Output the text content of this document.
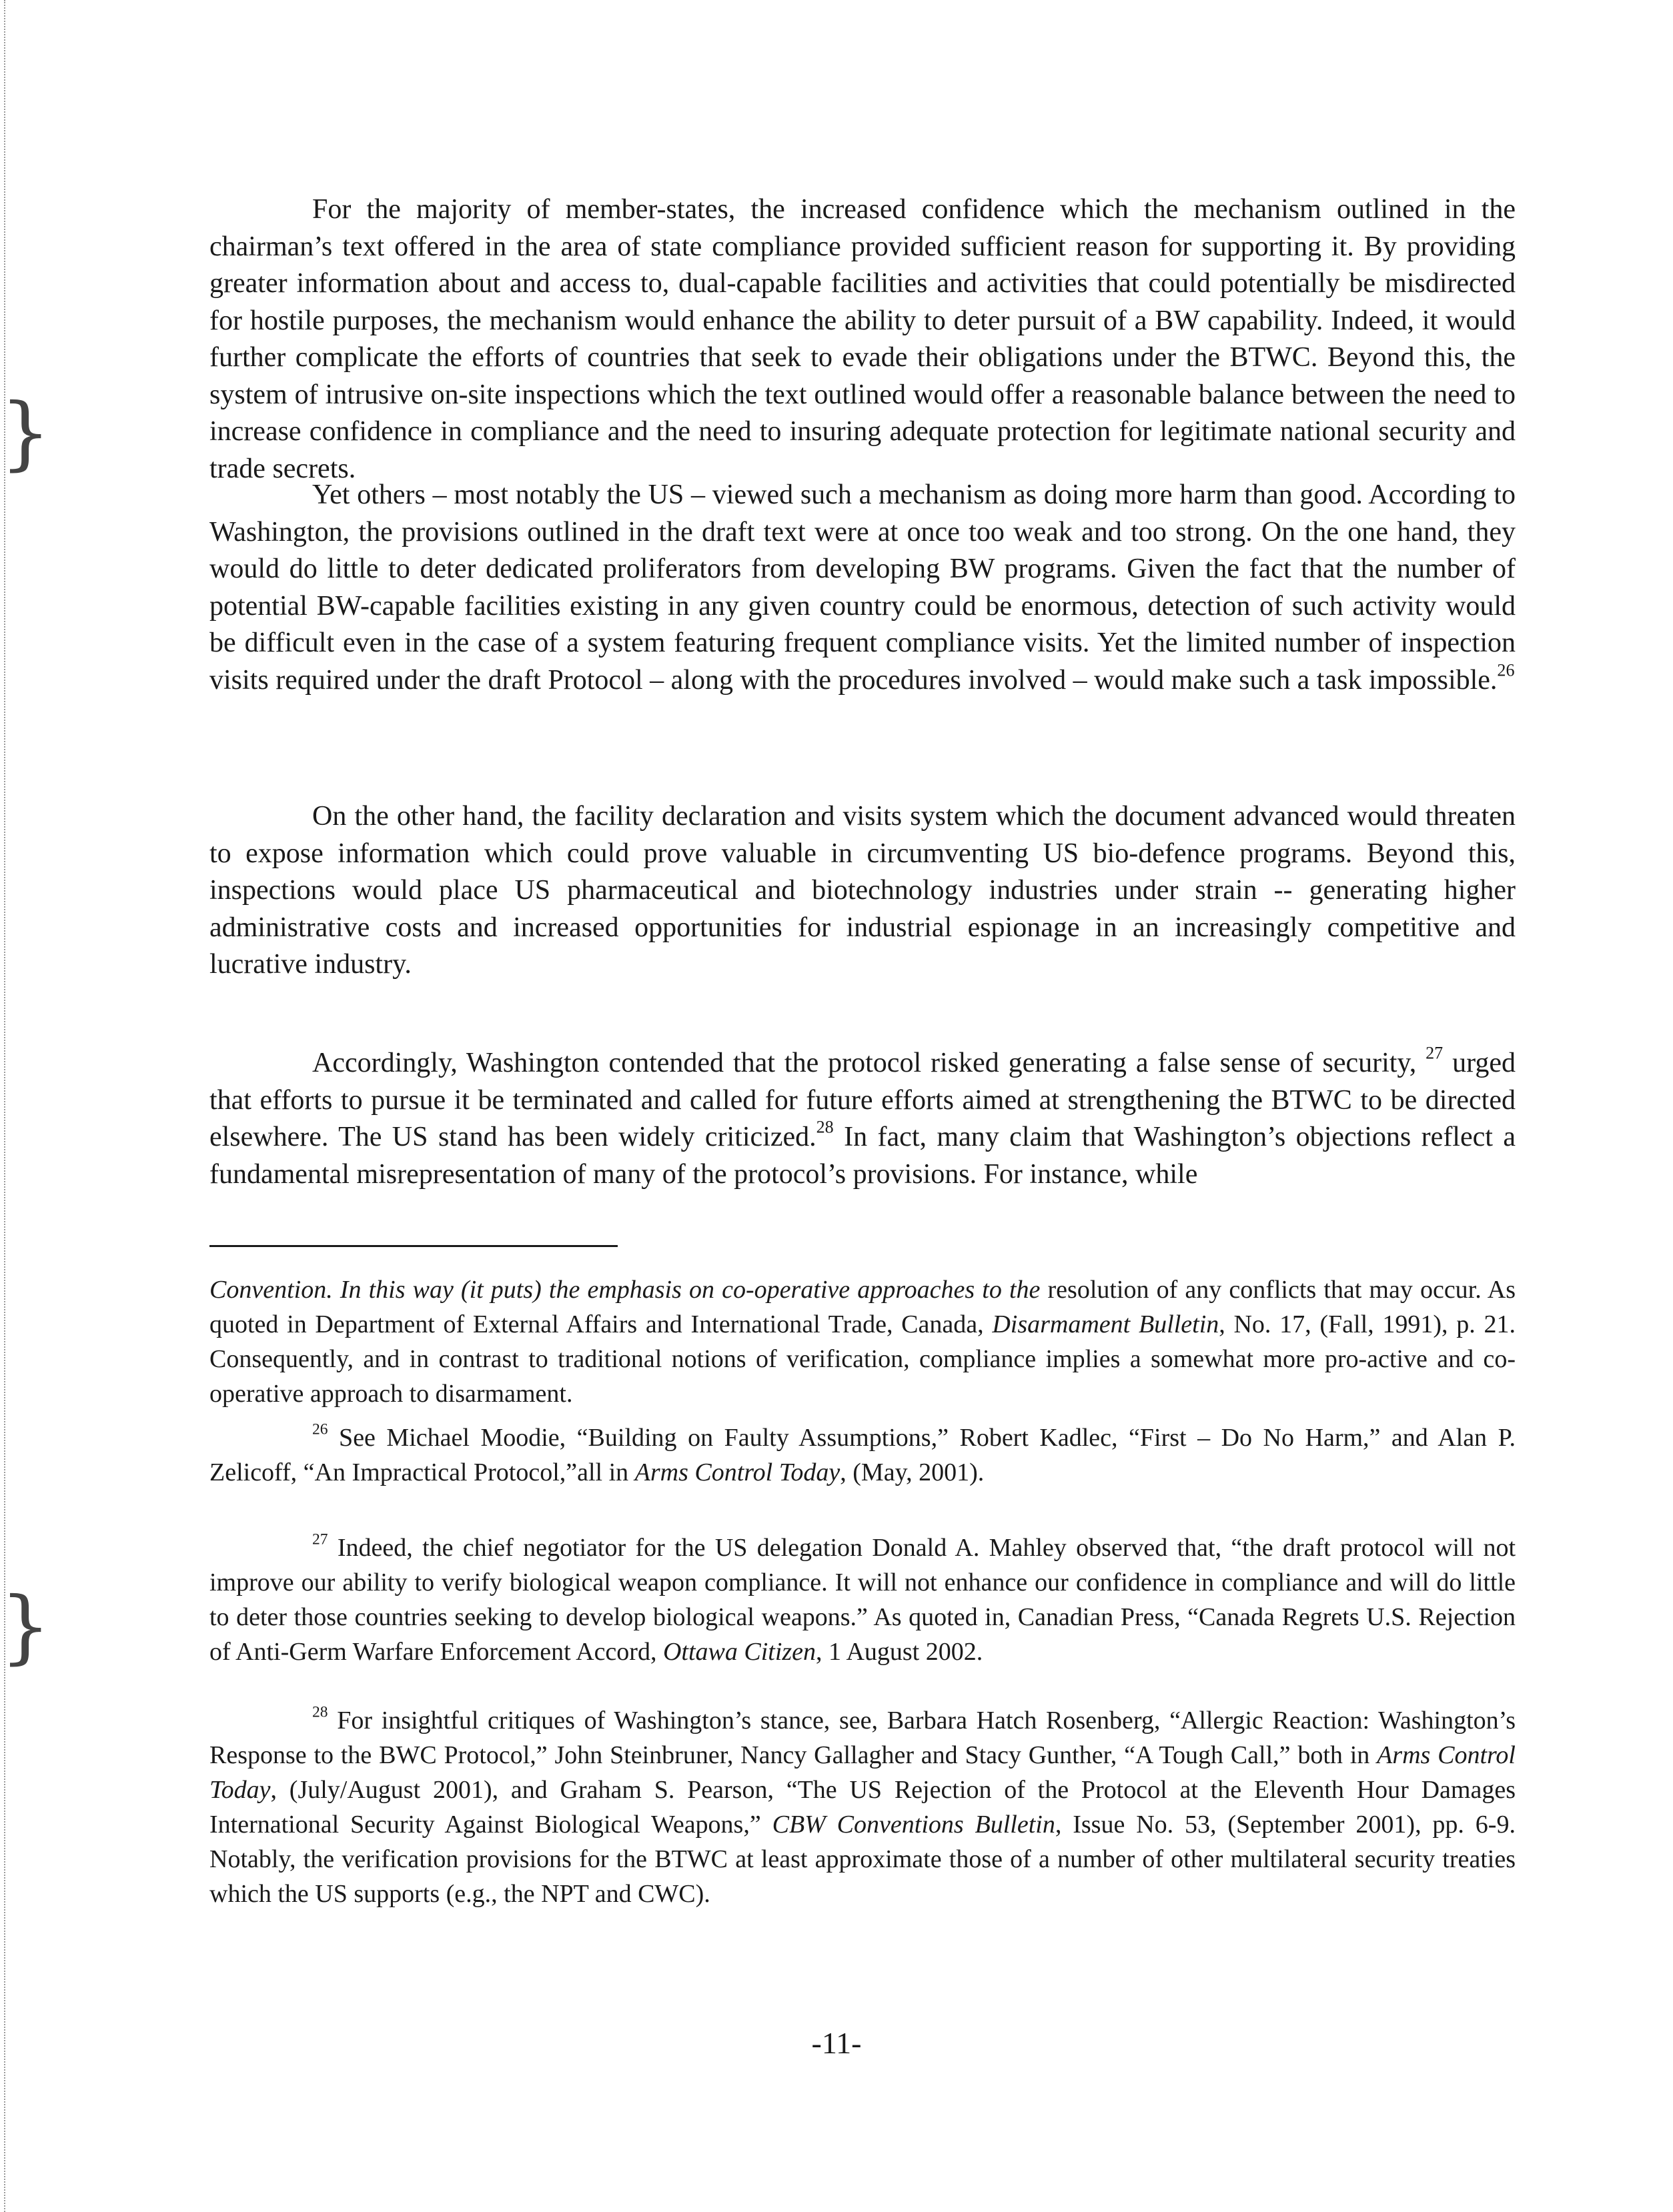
}
}

For the majority of member-states, the increased confidence which the mechanism outlined in the chairman’s text offered in the area of state compliance provided sufficient reason for supporting it. By providing greater information about and access to, dual-capable facilities and activities that could potentially be misdirected for hostile purposes, the mechanism would enhance the ability to deter pursuit of a BW capability. Indeed, it would further complicate the efforts of countries that seek to evade their obligations under the BTWC. Beyond this, the system of intrusive on-site inspections which the text outlined would offer a reasonable balance between the need to increase confidence in compliance and the need to insuring adequate protection for legitimate national security and trade secrets.

Yet others – most notably the US – viewed such a mechanism as doing more harm than good. According to Washington, the provisions outlined in the draft text were at once too weak and too strong. On the one hand, they would do little to deter dedicated proliferators from developing BW programs. Given the fact that the number of potential BW-capable facilities existing in any given country could be enormous, detection of such activity would be difficult even in the case of a system featuring frequent compliance visits. Yet the limited number of inspection visits required under the draft Protocol – along with the procedures involved – would make such a task impossible.$^{26}$

On the other hand, the facility declaration and visits system which the document advanced would threaten to expose information which could prove valuable in circumventing US bio-defence programs. Beyond this, inspections would place US pharmaceutical and biotechnology industries under strain -- generating higher administrative costs and increased opportunities for industrial espionage in an increasingly competitive and lucrative industry.

Accordingly, Washington contended that the protocol risked generating a false sense of security, $^{27}$ urged that efforts to pursue it be terminated and called for future efforts aimed at strengthening the BTWC to be directed elsewhere. The US stand has been widely criticized.$^{28}$ In fact, many claim that Washington’s objections reflect a fundamental misrepresentation of many of the protocol’s provisions. For instance, while

Convention. In this way (it puts) the emphasis on co-operative approaches to the resolution of any conflicts that may occur. As quoted in Department of External Affairs and International Trade, Canada, Disarmament Bulletin, No. 17, (Fall, 1991), p. 21. Consequently, and in contrast to traditional notions of verification, compliance implies a somewhat more pro-active and co-operative approach to disarmament.

$^{26}$ See Michael Moodie, “Building on Faulty Assumptions,” Robert Kadlec, “First – Do No Harm,” and Alan P. Zelicoff, “An Impractical Protocol,”all in Arms Control Today, (May, 2001).

$^{27}$ Indeed, the chief negotiator for the US delegation Donald A. Mahley observed that, “the draft protocol will not improve our ability to verify biological weapon compliance. It will not enhance our confidence in compliance and will do little to deter those countries seeking to develop biological weapons.” As quoted in, Canadian Press, “Canada Regrets U.S. Rejection of Anti-Germ Warfare Enforcement Accord, Ottawa Citizen, 1 August 2002.

$^{28}$ For insightful critiques of Washington’s stance, see, Barbara Hatch Rosenberg, “Allergic Reaction: Washington’s Response to the BWC Protocol,” John Steinbruner, Nancy Gallagher and Stacy Gunther, “A Tough Call,” both in Arms Control Today, (July/August 2001), and Graham S. Pearson, “The US Rejection of the Protocol at the Eleventh Hour Damages International Security Against Biological Weapons,” CBW Conventions Bulletin, Issue No. 53, (September 2001), pp. 6-9. Notably, the verification provisions for the BTWC at least approximate those of a number of other multilateral security treaties which the US supports (e.g., the NPT and CWC).

-11-
